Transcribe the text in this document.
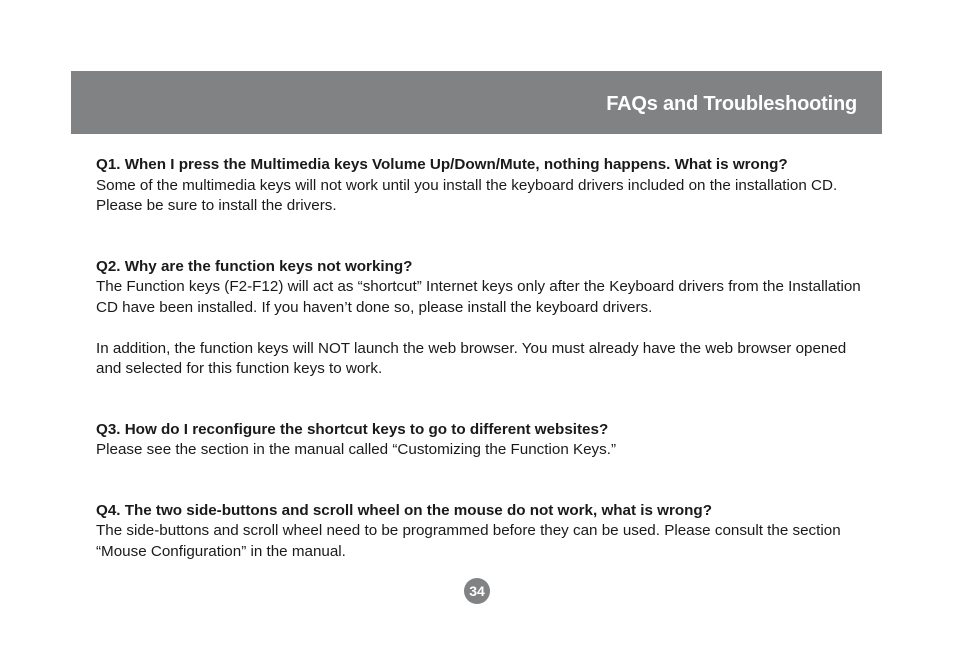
FAQs and Troubleshooting

Q1. When I press the Multimedia keys Volume Up/Down/Mute, nothing happens. What is wrong?

Some of the multimedia keys will not work until you install the keyboard drivers included on the installation CD. Please be sure to install the drivers.

Q2. Why are the function keys not working?

The Function keys (F2-F12) will act as “shortcut” Internet keys only after the Keyboard drivers from the Installation CD have been installed. If you haven’t done so, please install the keyboard drivers.

In addition, the function keys will NOT launch the web browser. You must already have the web browser opened and selected for this function keys to work.

Q3. How do I reconfigure the shortcut keys to go to different websites?

Please see the section in the manual called “Customizing the Function Keys.”

Q4. The two side-buttons and scroll wheel on the mouse do not work, what is wrong?

The side-buttons and scroll wheel need to be programmed before they can be used. Please consult the section “Mouse Configuration” in the manual.

34
